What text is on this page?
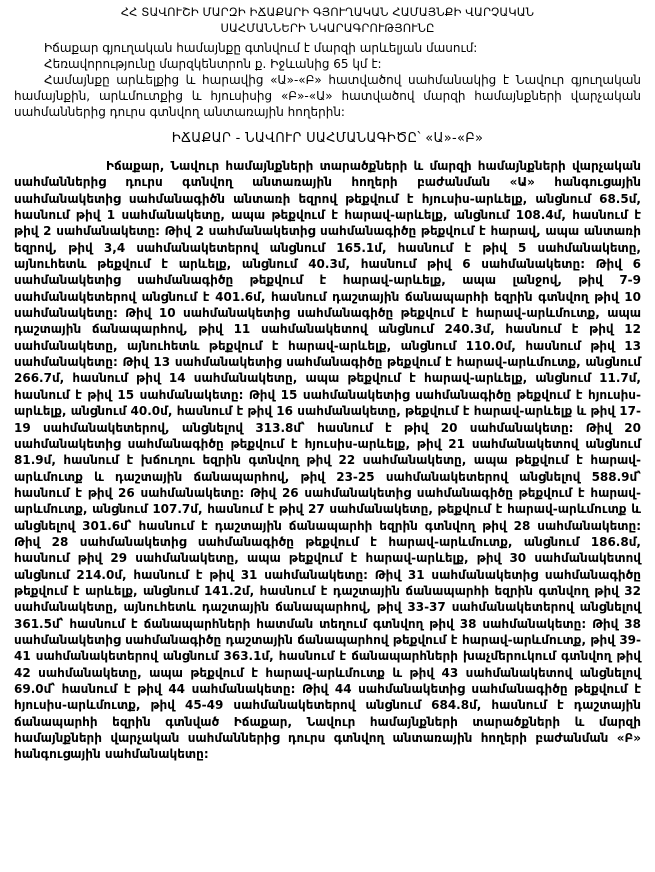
ՀՀ ՏԱՎՈՒՇԻ ՄԱՐԶԻ ԻՃԱՔԱՐԻ ԳՅՈՒՂԱԿԱՆ ՀԱՄԱՅՆՔԻ ՎԱՐՉԱԿԱՆ
ՍԱՀՄԱՆՆԵՐԻ ՆԿԱՐԱԳՐՈՒԹՅՈՒՆԸ

Իճաքար գյուղական համայնքը գտնվում է մարզի արևելյան մասում:

Հեռավորությունը մարզկենտրոն ք. Իջևանից 65 կմ է:

Համայնքը արևելքից և հարավից «Ա»-«Բ» հատվածով սահմանակից է Նավուր գյուղական համայնքին, արևմուտքից և հյուսիսից «Բ»-«Ա» հատվածով մարզի համայնքների վարչական սահմաններից դուրս գտնվող անտառային հողերին:

ԻՃԱՔԱՐ - ՆԱՎՈՒՐ ՍԱՀՄԱՆԱԳԻԾԸ՝ «Ա»-«Բ»

Իճաքար, Նավուր համայնքների տարածքների և մարզի համայնքների վարչական սահմաններից դուրս գտնվող անտառային հողերի բաժանման «Ա» հանգուցային սահմանակետից սահմանագիծն անտառի եզրով թեքվում է հյուսիս-արևելք, անցնում 68.5մ, հասնում թիվ 1 սահմանակետը, ապա թեքվում է հարավ-արևելք, անցնում 108.4մ, հասնում է թիվ 2 սահմանակետը: Թիվ 2 սահմանակետից սահմանագիծը թեքվում է հարավ, ապա անտառի եզրով, թիվ 3,4 սահմանակետերով անցնում 165.1մ, հասնում է թիվ 5 սահմանակետը, այնուհետև թեքվում է արևելք, անցնում 40.3մ, հասնում թիվ 6 սահմանակետը: Թիվ 6 սահմանակետից սահմանագիծը թեքվում է հարավ-արևելք, ապա լանջով, թիվ 7-9 սահմանակետերով անցնում է 401.6մ, հասնում դաշտային ճանապարհի եզրին գտնվող թիվ 10 սահմանակետը: Թիվ 10 սահմանակետից սահմանագիծը թեքվում է հարավ-արևմուտք, ապա դաշտային ճանապարհով, թիվ 11 սահմանակետով անցնում 240.3մ, հասնում է թիվ 12 սահմանակետը, այնուհետև թեքվում է հարավ-արևելք, անցնում 110.0մ, հասնում թիվ 13 սահմանակետը: Թիվ 13 սահմանակետից սահմանագիծը թեքվում է հարավ-արևմուտք, անցնում 266.7մ, հասնում թիվ 14 սահմանակետը, ապա թեքվում է հարավ-արևելք, անցնում 11.7մ, հասնում է թիվ 15 սահմանակետը: Թիվ 15 սահմանակետից սահմանագիծը թեքվում է հյուսիս-արևելք, անցնում 40.0մ, հասնում է թիվ 16 սահմանակետը, թեքվում է հարավ-արևելք և թիվ 17-19 սահմանակետերով, անցնելով 313.8մ՝ հասնում է թիվ 20 սահմանակետը: Թիվ 20 սահմանակետից սահմանագիծը թեքվում է հյուսիս-արևելք, թիվ 21 սահմանակետով անցնում 81.9մ, հասնում է խճուղու եզրին գտնվող թիվ 22 սահմանակետը, ապա թեքվում է հարավ-արևմուտք և դաշտային ճանապարհով, թիվ 23-25 սահմանակետերով անցնելով 588.9մ՝ հասնում է թիվ 26 սահմանակետը: Թիվ 26 սահմանակետից սահմանագիծը թեքվում է հարավ-արևմուտք, անցնում 107.7մ, հասնում է թիվ 27 սահմանակետը, թեքվում է հարավ-արևմուտք և անցնելով 301.6մ՝ հասնում է դաշտային ճանապարհի եզրին գտնվող թիվ 28 սահմանակետը: Թիվ 28 սահմանակետից սահմանագիծը թեքվում է հարավ-արևմուտք, անցնում 186.8մ, հասնում թիվ 29 սահմանակետը, ապա թեքվում է հարավ-արևելք, թիվ 30 սահմանակետով անցնում 214.0մ, հասնում է թիվ 31 սահմանակետը: Թիվ 31 սահմանակետից սահմանագիծը թեքվում է արևելք, անցնում 141.2մ, հասնում է դաշտային ճանապարհի եզրին գտնվող թիվ 32 սահմանակետը, այնուհետև դաշտային ճանապարհով, թիվ 33-37 սահմանակետերով անցնելով 361.5մ՝ հասնում է ճանապարհների հատման տեղում գտնվող թիվ 38 սահմանակետը: Թիվ 38 սահմանակետից սահմանագիծը դաշտային ճանապարհով թեքվում է հարավ-արևմուտք, թիվ 39-41 սահմանակետերով անցնում 363.1մ, հասնում է ճանապարհների խաչմերուկում գտնվող թիվ 42 սահմանակետը, ապա թեքվում է հարավ-արևմուտք և թիվ 43 սահմանակետով անցնելով 69.0մ՝ հասնում է թիվ 44 սահմանակետը: Թիվ 44 սահմանակետից սահմանագիծը թեքվում է հյուսիս-արևմուտք, թիվ 45-49 սահմանակետերով անցնում 684.8մ, հասնում է դաշտային ճանապարհի եզրին գտնված Իճաքար, Նավուր համայնքների տարածքների և մարզի համայնքների վարչական սահմաններից դուրս գտնվող անտառային հողերի բաժանման «Բ» հանգուցային սահմանակետը:
